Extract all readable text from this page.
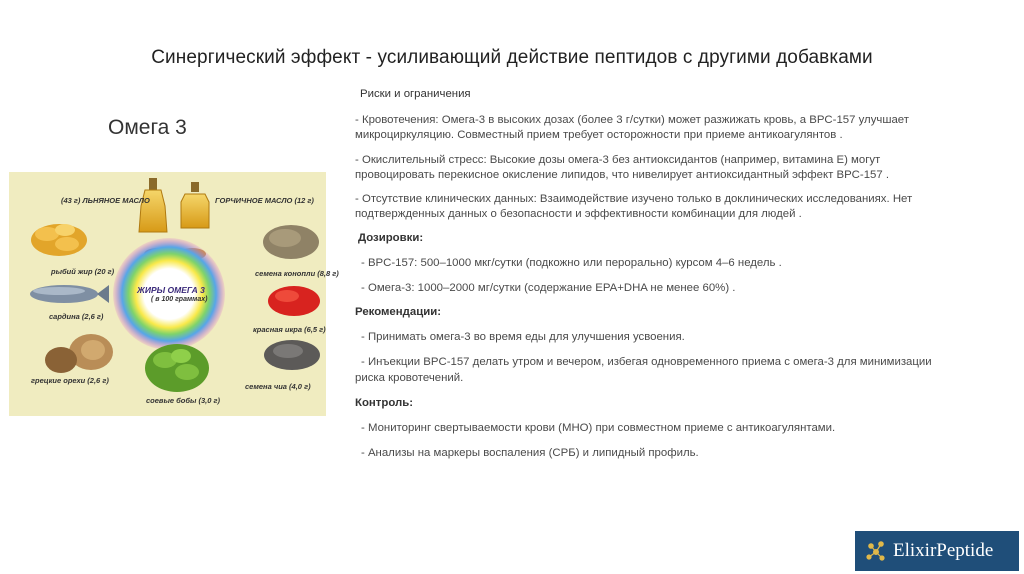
Синергический эффект - усиливающий действие пептидов с другими добавками
Омега 3
(43 г) ЛЬНЯНОЕ МАСЛО	ГОРЧИЧНОЕ МАСЛО (12 г)
рыбий жир (20 г)	семена конопли (8,8 г)
ЖИРЫ ОМЕГА 3
( в 100 граммах)
сардина (2,6 г)
красная икра (6,5 г)
грецкие орехи (2,6 г)
соевые бобы (3,0 г)
семена чиа (4,0 г)

Риски и ограничения

- Кровотечения: Омега-3 в высоких дозах (более 3 г/сутки) может разжижать кровь, а BPC-157 улучшает микроциркуляцию. Совместный прием требует осторожности при приеме антикоагулянтов .

- Окислительный стресс: Высокие дозы омега-3 без антиоксидантов (например, витамина E) могут провоцировать перекисное окисление липидов, что нивелирует антиоксидантный эффект BPC-157 .

- Отсутствие клинических данных: Взаимодействие изучено только в доклинических исследованиях. Нет подтвержденных данных о безопасности и эффективности комбинации для людей .

Дозировки:

- BPC-157: 500–1000 мкг/сутки (подкожно или перорально) курсом 4–6 недель .

- Омега-3: 1000–2000 мг/сутки (содержание EPA+DHA не менее 60%) .

Рекомендации:

- Принимать омега-3 во время еды для улучшения усвоения.

- Инъекции BPC-157 делать утром и вечером, избегая одновременного приема с омега-3 для минимизации риска кровотечений.

Контроль:

- Мониторинг свертываемости крови (МНО) при совместном приеме с антикоагулянтами.

- Анализы на маркеры воспаления (СРБ) и липидный профиль.

ElixirPeptide
